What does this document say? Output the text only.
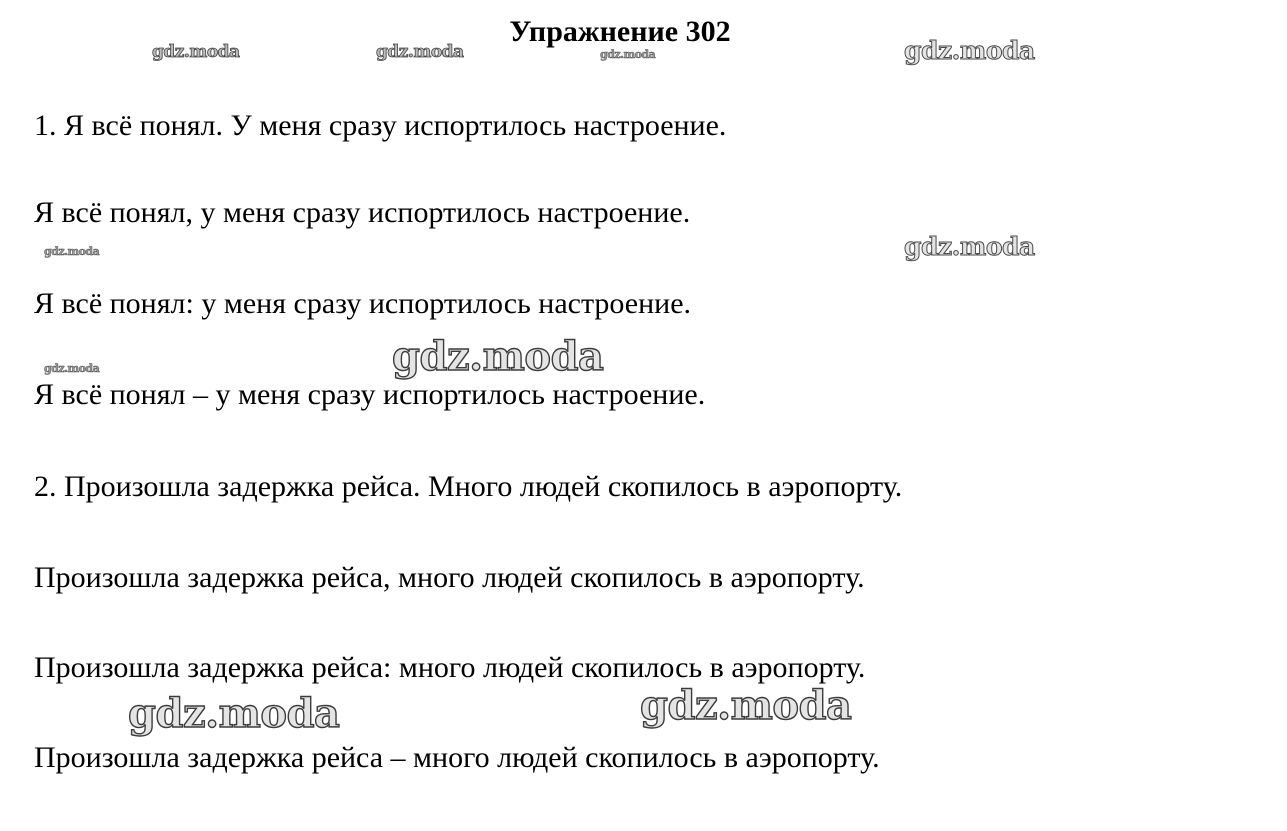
Упражнение 302
1. Я всё понял. У меня сразу испортилось настроение.
Я всё понял, у меня сразу испортилось настроение.
Я всё понял: у меня сразу испортилось настроение.
Я всё понял – у меня сразу испортилось настроение.
2. Произошла задержка рейса. Много людей скопилось в аэропорту.
Произошла задержка рейса, много людей скопилось в аэропорту.
Произошла задержка рейса: много людей скопилось в аэропорту.
Произошла задержка рейса – много людей скопилось в аэропорту.
gdz.moda	gdz.moda	gdz.moda	gdz.moda
gdz.moda	gdz.moda
gdz.moda	gdz.moda
gdz.moda	gdz.moda
